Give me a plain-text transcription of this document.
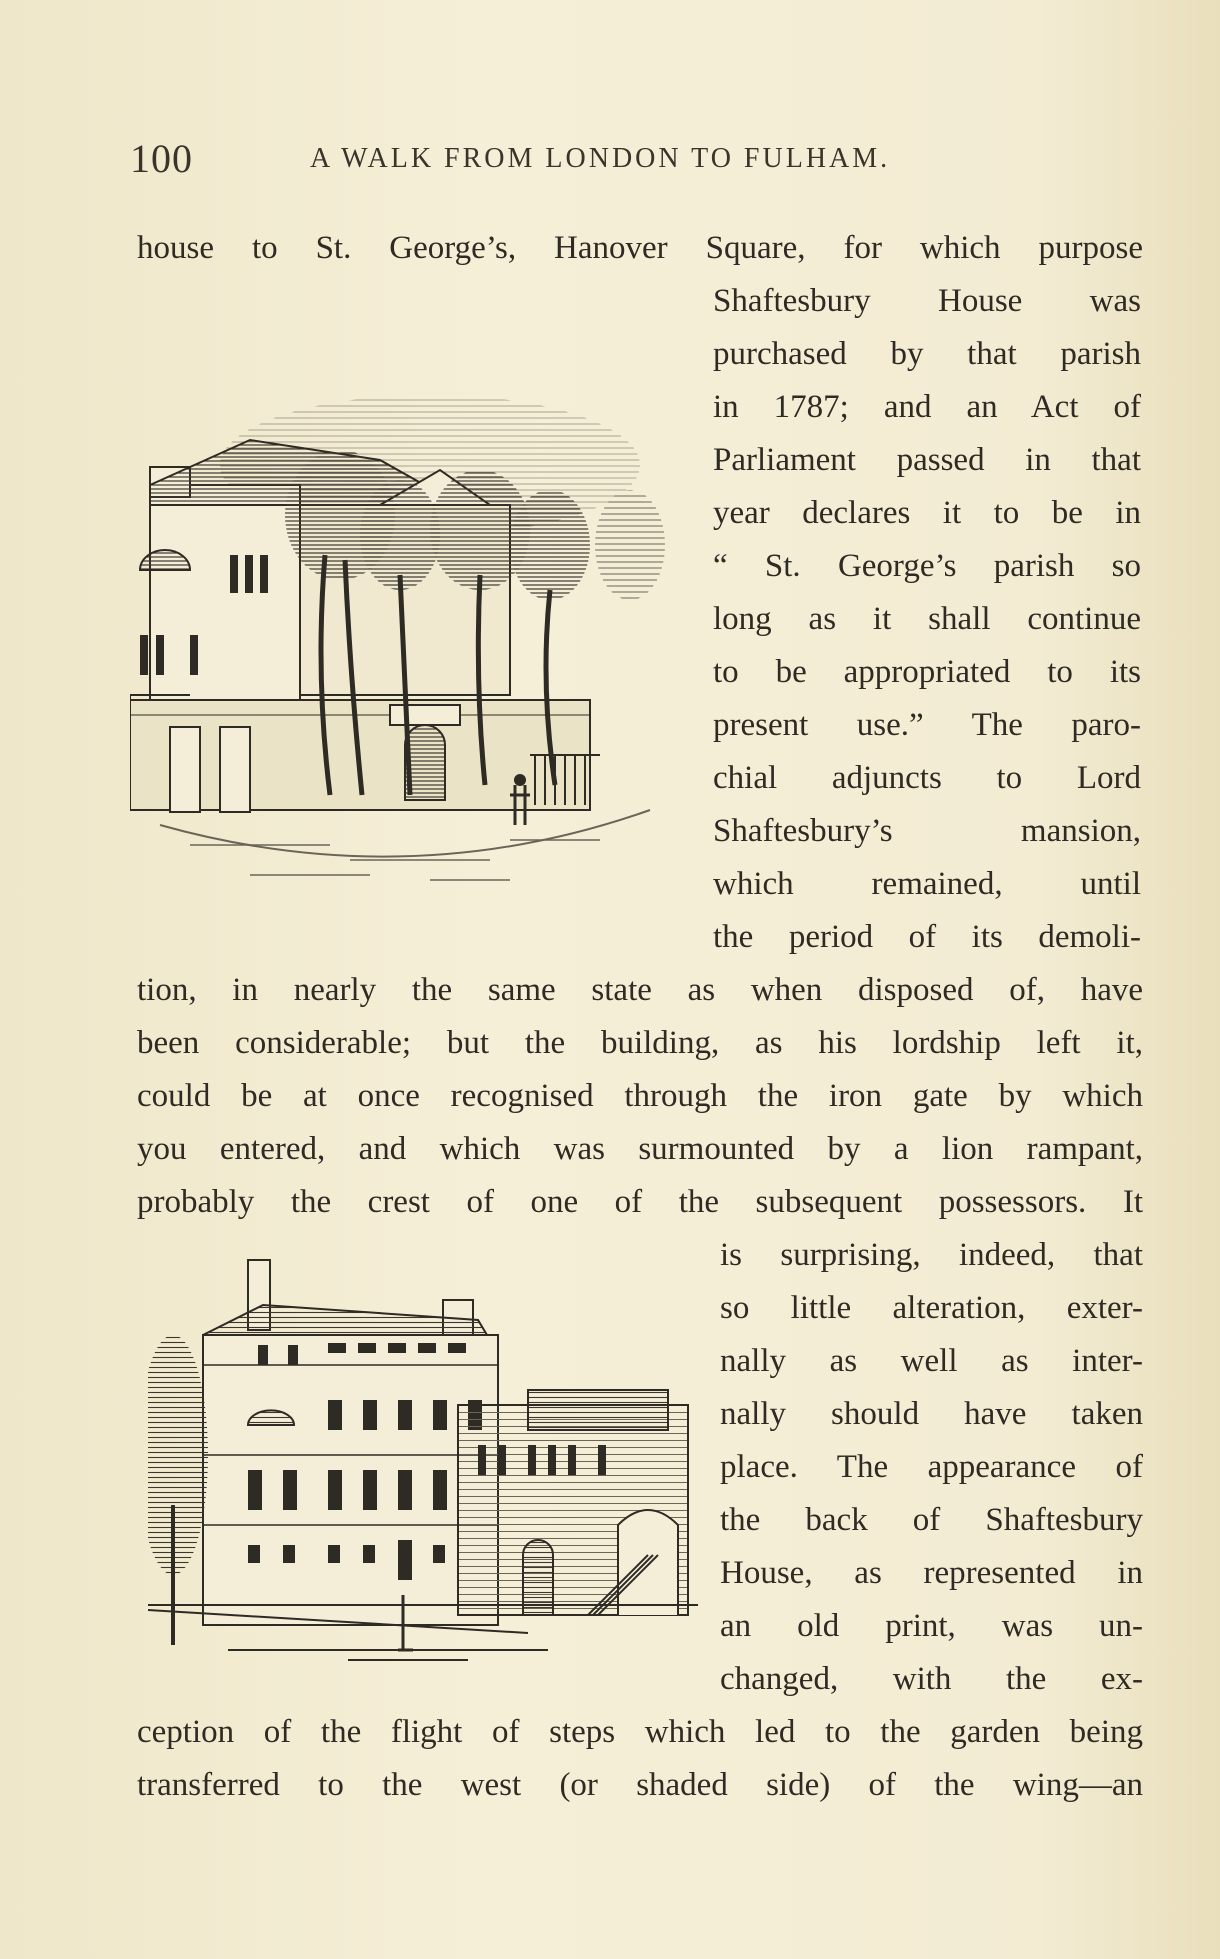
100	A WALK FROM LONDON TO FULHAM.
house to St. George’s, Hanover Square, for which purpose
Shaftesbury House was
purchased by that parish
in 1787; and an Act of
Parliament passed in that
year declares it to be in
“ St. George’s parish so
long as it shall continue
to be appropriated to its
present use.” The paro-
chial adjuncts to Lord
Shaftesbury’s mansion,
which remained, until
the period of its demoli-
tion, in nearly the same state as when disposed of, have
been considerable; but the building, as his lordship left it,
could be at once recognised through the iron gate by which
you entered, and which was surmounted by a lion rampant,
probably the crest of one of the subsequent possessors. It
is surprising, indeed, that
so little alteration, exter-
nally as well as inter-
nally should have taken
place. The appearance of
the back of Shaftesbury
House, as represented in
an old print, was un-
changed, with the ex-
ception of the flight of steps which led to the garden being
transferred to the west (or shaded side) of the wing—an
